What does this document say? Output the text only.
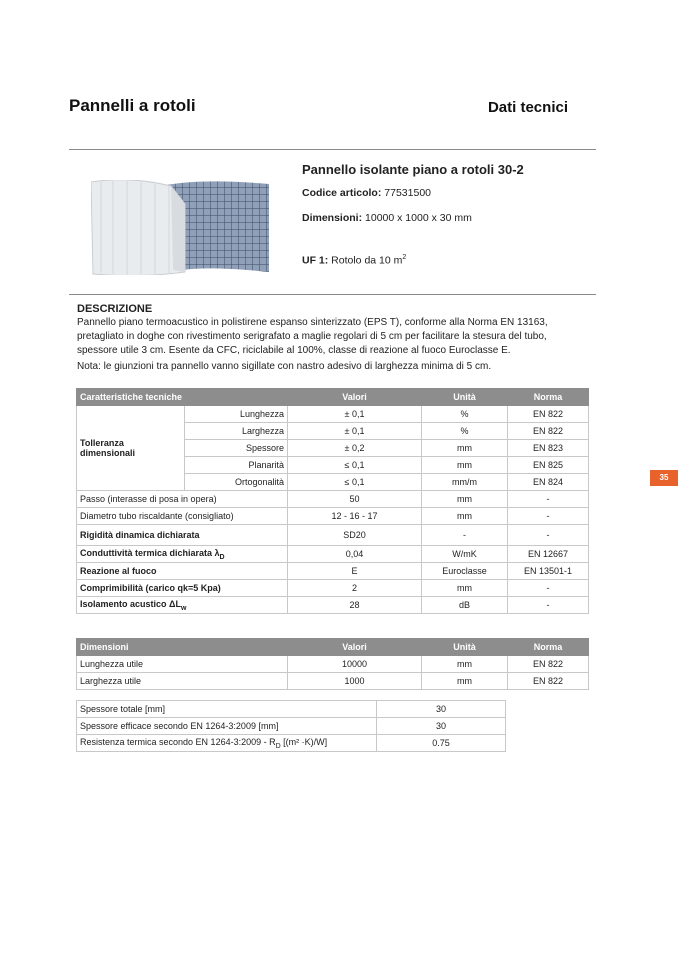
Pannelli a rotoli	Dati tecnici
Pannello isolante piano a rotoli 30-2
Codice articolo: 77531500
Dimensioni: 10000 x 1000 x 30 mm
UF 1: Rotolo da 10 $m^2$
DESCRIZIONE

Pannello piano termoacustico in polistirene espanso sinterizzato (EPS T), conforme alla Norma EN 13163, pretagliato in doghe con rivestimento serigrafato a maglie regolari di 5 cm per facilitare la stesura del tubo, spessore utile 3 cm. Esente da CFC, riciclabile al 100%, classe di reazione al fuoco Euroclasse E.

Nota: le giunzioni tra pannello vanno sigillate con nastro adesivo di larghezza minima di 5 cm.

Caratteristiche tecniche		Valori	Unità	Norma
Tolleranza dimensionali	Lunghezza	± 0,1	%	EN 822
	Larghezza	± 0,1	%	EN 822
	Spessore	± 0,2	mm	EN 823
	Planarità	≤ 0,1	mm	EN 825
	Ortogonalità	≤ 0,1	mm/m	EN 824
Passo (interasse di posa in opera)		50	mm	-
Diametro tubo riscaldante (consigliato)		12 - 16 - 17	mm	-
Rigidità dinamica dichiarata		SD20	-	-
Conduttività termica dichiarata $\lambda_D$		0,04	W/mK	EN 12667
Reazione al fuoco		E	Euroclasse	EN 13501-1
Comprimibilità (carico qk=5 Kpa)		2	mm	-
Isolamento acustico $\Delta L_w$		28	dB	-
Dimensioni	Valori	Unità	Norma
Lunghezza utile	10000	mm	EN 822
Larghezza utile	1000	mm	EN 822
Spessore totale [mm]	30
Spessore efficace secondo EN 1264-3:2009 [mm]	30
Resistenza termica secondo EN 1264-3:2009 - $R_D$ [(m² ·K)/W]	0.75
35
